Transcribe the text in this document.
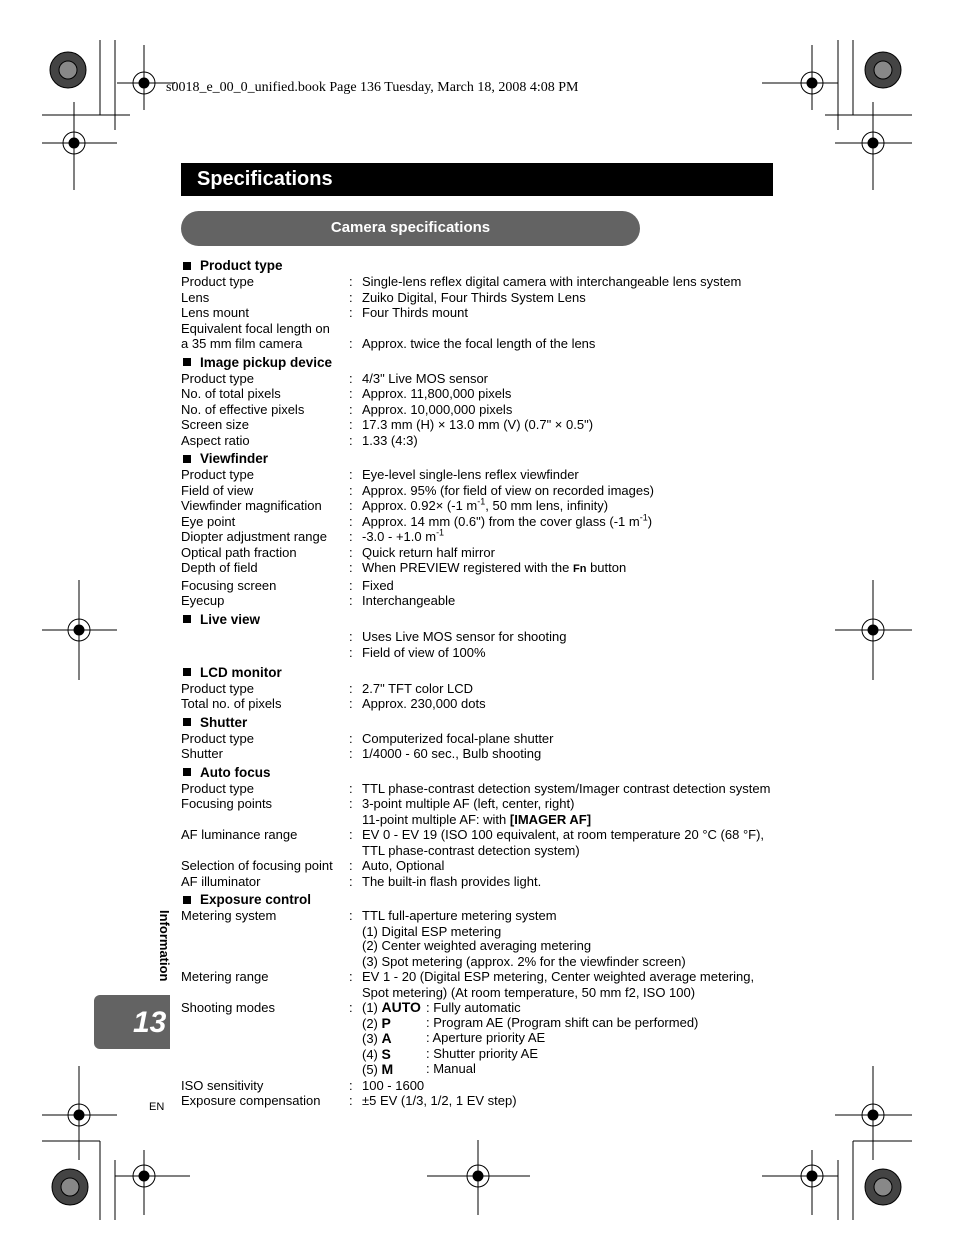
s0018_e_00_0_unified.book Page 136 Tuesday, March 18, 2008 4:08 PM
Specifications
Camera specifications
Product type
Product type	: Single-lens reflex digital camera with interchangeable lens system
Lens	: Zuiko Digital, Four Thirds System Lens
Lens mount	: Four Thirds mount
Equivalent focal length on
a 35 mm film camera	: Approx. twice the focal length of the lens
Image pickup device
Product type	: 4/3" Live MOS sensor
No. of total pixels	: Approx. 11,800,000 pixels
No. of effective pixels	: Approx. 10,000,000 pixels
Screen size	: 17.3 mm (H) × 13.0 mm (V) (0.7" × 0.5")
Aspect ratio	: 1.33 (4:3)
Viewfinder
Product type	: Eye-level single-lens reflex viewfinder
Field of view	: Approx. 95% (for field of view on recorded images)
Viewfinder magnification	: Approx. 0.92× (-1 $m^{-1}$, 50 mm lens, infinity)
Eye point	: Approx. 14 mm (0.6") from the cover glass (-1 $m^{-1}$)
Diopter adjustment range	: -3.0 - +1.0 $m^{-1}$
Optical path fraction	: Quick return half mirror
Depth of field	: When PREVIEW registered with the Fn button
Focusing screen	: Fixed
Eyecup	: Interchangeable
Live view
: Uses Live MOS sensor for shooting
: Field of view of 100%
LCD monitor
Product type	: 2.7" TFT color LCD
Total no. of pixels	: Approx. 230,000 dots
Shutter
Product type	: Computerized focal-plane shutter
Shutter	: 1/4000 - 60 sec., Bulb shooting
Auto focus
Product type	: TTL phase-contrast detection system/Imager contrast detection system
Focusing points	: 3-point multiple AF (left, center, right)
11-point multiple AF: with [IMAGER AF]
AF luminance range	: EV 0 - EV 19 (ISO 100 equivalent, at room temperature 20 °C (68 °F),
TTL phase-contrast detection system)
Selection of focusing point	: Auto, Optional
AF illuminator	: The built-in flash provides light.
Exposure control
Metering system	: TTL full-aperture metering system
(1) Digital ESP metering
(2) Center weighted averaging metering
(3) Spot metering (approx. 2% for the viewfinder screen)
Metering range	: EV 1 - 20 (Digital ESP metering, Center weighted average metering,
Spot metering) (At room temperature, 50 mm f2, ISO 100)
Shooting modes	: (1) AUTO : Fully automatic
(2) P	: Program AE (Program shift can be performed)
(3) A	: Aperture priority AE
(4) S	: Shutter priority AE
(5) M	: Manual
ISO sensitivity	: 100 - 1600
Exposure compensation	: ±5 EV (1/3, 1/2, 1 EV step)
Information
13
EN
